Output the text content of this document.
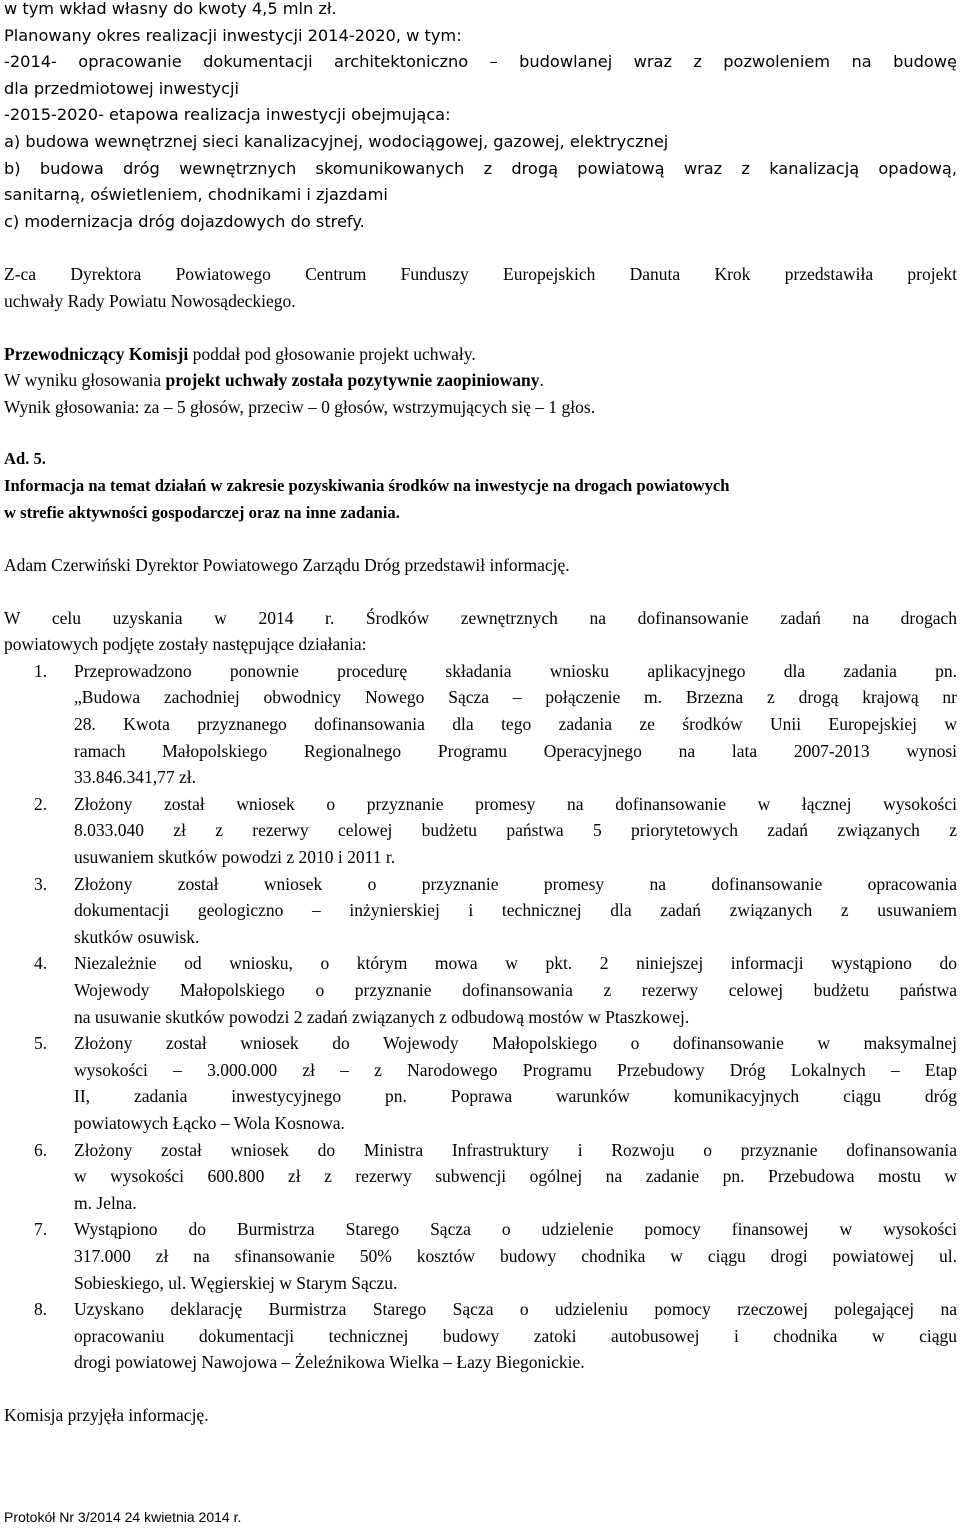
w tym wkład własny do kwoty 4,5 mln zł.

Planowany okres realizacji inwestycji 2014-2020, w tym:

-2014- opracowanie dokumentacji architektoniczno – budowlanej wraz z pozwoleniem na budowę

dla przedmiotowej inwestycji

-2015-2020- etapowa realizacja inwestycji obejmująca:

a) budowa wewnętrznej sieci kanalizacyjnej, wodociągowej, gazowej, elektrycznej

b) budowa dróg wewnętrznych skomunikowanych z drogą powiatową wraz z kanalizacją opadową,

sanitarną, oświetleniem, chodnikami i zjazdami

c) modernizacja dróg dojazdowych do strefy.

Z-ca Dyrektora Powiatowego Centrum Funduszy Europejskich Danuta Krok przedstawiła projekt

uchwały Rady Powiatu Nowosądeckiego.

Przewodniczący Komisji poddał pod głosowanie projekt uchwały.

W wyniku głosowania projekt uchwały została pozytywnie zaopiniowany.

Wynik głosowania: za – 5 głosów, przeciw – 0 głosów, wstrzymujących się – 1 głos.

Ad. 5.

Informacja na temat działań w zakresie pozyskiwania środków na inwestycje na drogach powiatowych

w strefie aktywności gospodarczej oraz na inne zadania.

Adam Czerwiński Dyrektor Powiatowego Zarządu Dróg przedstawił informację.

W celu uzyskania w 2014 r. Środków zewnętrznych na dofinansowanie zadań na drogach

powiatowych podjęte zostały następujące działania:

1.	Przeprowadzono ponownie procedurę składania wniosku aplikacyjnego dla zadania pn.

„Budowa zachodniej obwodnicy Nowego Sącza – połączenie m. Brzezna z drogą krajową nr

28. Kwota przyznanego dofinansowania dla tego zadania ze środków Unii Europejskiej w

ramach Małopolskiego Regionalnego Programu Operacyjnego na lata 2007-2013 wynosi

33.846.341,77 zł.

2.	Złożony został wniosek o przyznanie promesy na dofinansowanie w łącznej wysokości

8.033.040 zł z rezerwy celowej budżetu państwa 5 priorytetowych zadań związanych z

usuwaniem skutków powodzi z 2010 i 2011 r.

3.	Złożony został wniosek o przyznanie promesy na dofinansowanie opracowania

dokumentacji geologiczno – inżynierskiej i technicznej dla zadań związanych z usuwaniem

skutków osuwisk.

4.	Niezależnie od wniosku, o którym mowa w pkt. 2 niniejszej informacji wystąpiono do

Wojewody Małopolskiego o przyznanie dofinansowania z rezerwy celowej budżetu państwa

na usuwanie skutków powodzi 2 zadań związanych z odbudową mostów w Ptaszkowej.

5.	Złożony został wniosek do Wojewody Małopolskiego o dofinansowanie w maksymalnej

wysokości – 3.000.000 zł – z Narodowego Programu Przebudowy Dróg Lokalnych – Etap

II, zadania inwestycyjnego pn. Poprawa warunków komunikacyjnych ciągu dróg

powiatowych Łącko – Wola Kosnowa.

6.	Złożony został wniosek do Ministra Infrastruktury i Rozwoju o przyznanie dofinansowania

w wysokości 600.800 zł z rezerwy subwencji ogólnej na zadanie pn. Przebudowa mostu w

m. Jelna.

7.	Wystąpiono do Burmistrza Starego Sącza o udzielenie pomocy finansowej w wysokości

317.000 zł na sfinansowanie 50% kosztów budowy chodnika w ciągu drogi powiatowej ul.

Sobieskiego, ul. Węgierskiej w Starym Sączu.

8.	Uzyskano deklarację Burmistrza Starego Sącza o udzieleniu pomocy rzeczowej polegającej na

opracowaniu dokumentacji technicznej budowy zatoki autobusowej i chodnika w ciągu

drogi powiatowej Nawojowa – Żeleźnikowa Wielka – Łazy Biegonickie.

Komisja przyjęła informację.

Protokół Nr 3/2014 24 kwietnia 2014 r.
